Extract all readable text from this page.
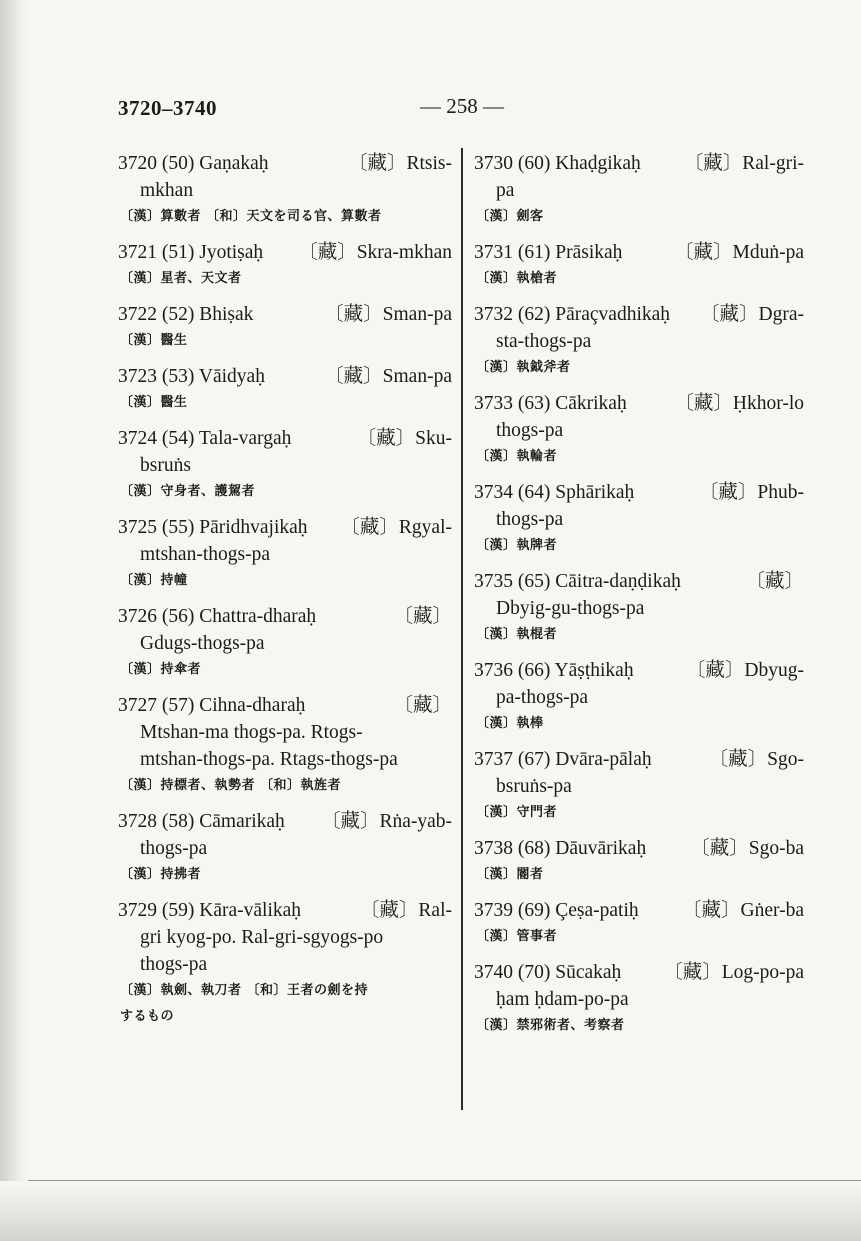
3720–3740	— 258 —
3720 (50) Gaṇakaḥ	〔藏〕Rtsis-
mkhan
〔漢〕算數者 〔和〕天文を司る官、算數者
3721 (51) Jyotiṣaḥ 〔藏〕Skra-mkhan
〔漢〕星者、天文者
3722 (52) Bhiṣak	〔藏〕Sman-pa
〔漢〕醫生
3723 (53) Vāidyaḥ	〔藏〕Sman-pa
〔漢〕醫生
3724 (54) Tala-vargaḥ	〔藏〕Sku-
bsruṅs
〔漢〕守身者、護駕者
3725 (55) Pāridhvajikaḥ 〔藏〕Rgyal-
mtshan-thogs-pa
〔漢〕持幢
3726 (56) Chattra-dharaḥ	〔藏〕
Gdugs-thogs-pa
〔漢〕持傘者
3727 (57) Cihna-dharaḥ	〔藏〕
Mtshan-ma thogs-pa. Rtogs-
mtshan-thogs-pa. Rtags-thogs-pa
〔漢〕持標者、執勢者 〔和〕執旌者
3728 (58) Cāmarikaḥ 〔藏〕Rṅa-yab-
thogs-pa
〔漢〕持拂者
3729 (59) Kāra-vālikaḥ	〔藏〕Ral-
gri kyog-po. Ral-gri-sgyogs-po
thogs-pa
〔漢〕執劍、執刀者 〔和〕王者の劍を持
するもの
3730 (60) Khaḍgikaḥ 〔藏〕Ral-gri-
pa
〔漢〕劍客
3731 (61) Prāsikaḥ	〔藏〕Mduṅ-pa
〔漢〕執槍者
3732 (62) Pāraçvadhikaḥ 〔藏〕Dgra-
sta-thogs-pa
〔漢〕執鉞斧者
3733 (63) Cākrikaḥ 〔藏〕Ḥkhor-lo
thogs-pa
〔漢〕執輪者
3734 (64) Sphārikaḥ	〔藏〕Phub-
thogs-pa
〔漢〕執牌者
3735 (65) Cāitra-daṇḍikaḥ	〔藏〕
Dbyig-gu-thogs-pa
〔漢〕執棍者
3736 (66) Yāṣṭhikaḥ	〔藏〕Dbyug-
pa-thogs-pa
〔漢〕執棒
3737 (67) Dvāra-pālaḥ	〔藏〕Sgo-
bsruṅs-pa
〔漢〕守門者
3738 (68) Dāuvārikaḥ 〔藏〕Sgo-ba
〔漢〕閽者
3739 (69) Çeṣa-patiḥ 〔藏〕Gṅer-ba
〔漢〕管事者
3740 (70) Sūcakaḥ 〔藏〕Log-po-pa
ḥam ḥdam-po-pa
〔漢〕禁邪術者、考察者
